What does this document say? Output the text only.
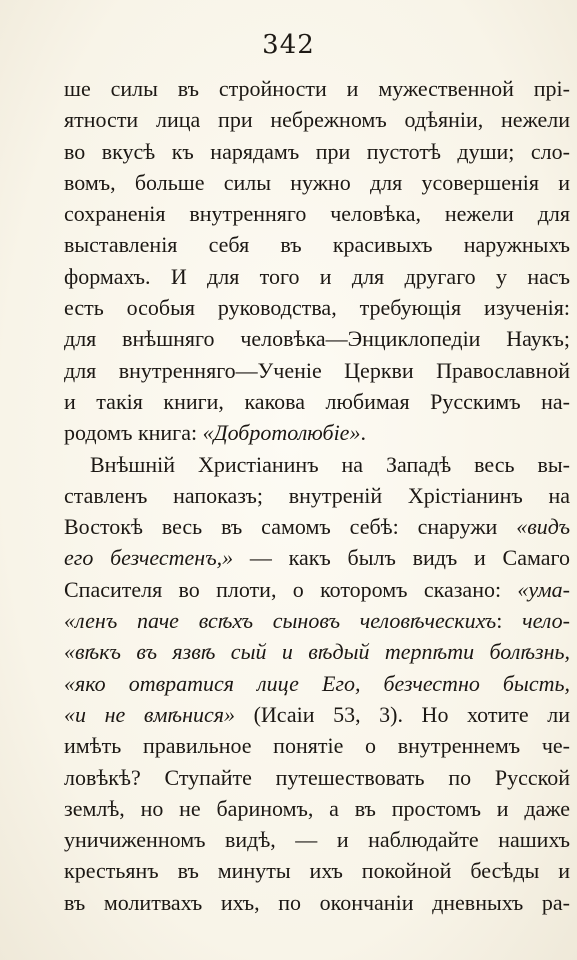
342
ше силы въ стройности и мужественной прі-
ятности лица при небрежномъ одѣяніи, нежели
во вкусѣ къ нарядамъ при пустотѣ души; сло-
вомъ, больше силы нужно для усовершенія и
сохраненія внутренняго человѣка, нежели для
выставленія себя въ красивыхъ наружныхъ
формахъ. И для того и для другаго у насъ
есть особыя руководства, требующія изученія:
для внѣшняго человѣка—Энциклопедіи Наукъ;
для внутренняго—Ученіе Церкви Православной
и такія книги, какова любимая Русскимъ на-
родомъ книга: «Добротолюбіе».
Внѣшній Христіанинъ на Западѣ весь вы-
ставленъ напоказъ; внутреній Хрістіанинъ на
Востокѣ весь въ самомъ себѣ: снаружи «видъ
его безчестенъ,» — какъ былъ видъ и Самаго
Спасителя во плоти, о которомъ сказано: «ума-
«ленъ паче всѣхъ сыновъ человѣческихъ: чело-
«вѣкъ въ язвѣ сый и вѣдый терпѣти болѣзнь,
«яко отвратися лице Его, безчестно бысть,
«и не вмѣнися» (Исаіи 53, 3). Но хотите ли
имѣть правильное понятіе о внутреннемъ че-
ловѣкѣ? Ступайте путешествовать по Русской
землѣ, но не бариномъ, а въ простомъ и даже
уничиженномъ видѣ, — и наблюдайте нашихъ
крестьянъ въ минуты ихъ покойной бесѣды и
въ молитвахъ ихъ, по окончаніи дневныхъ ра-
